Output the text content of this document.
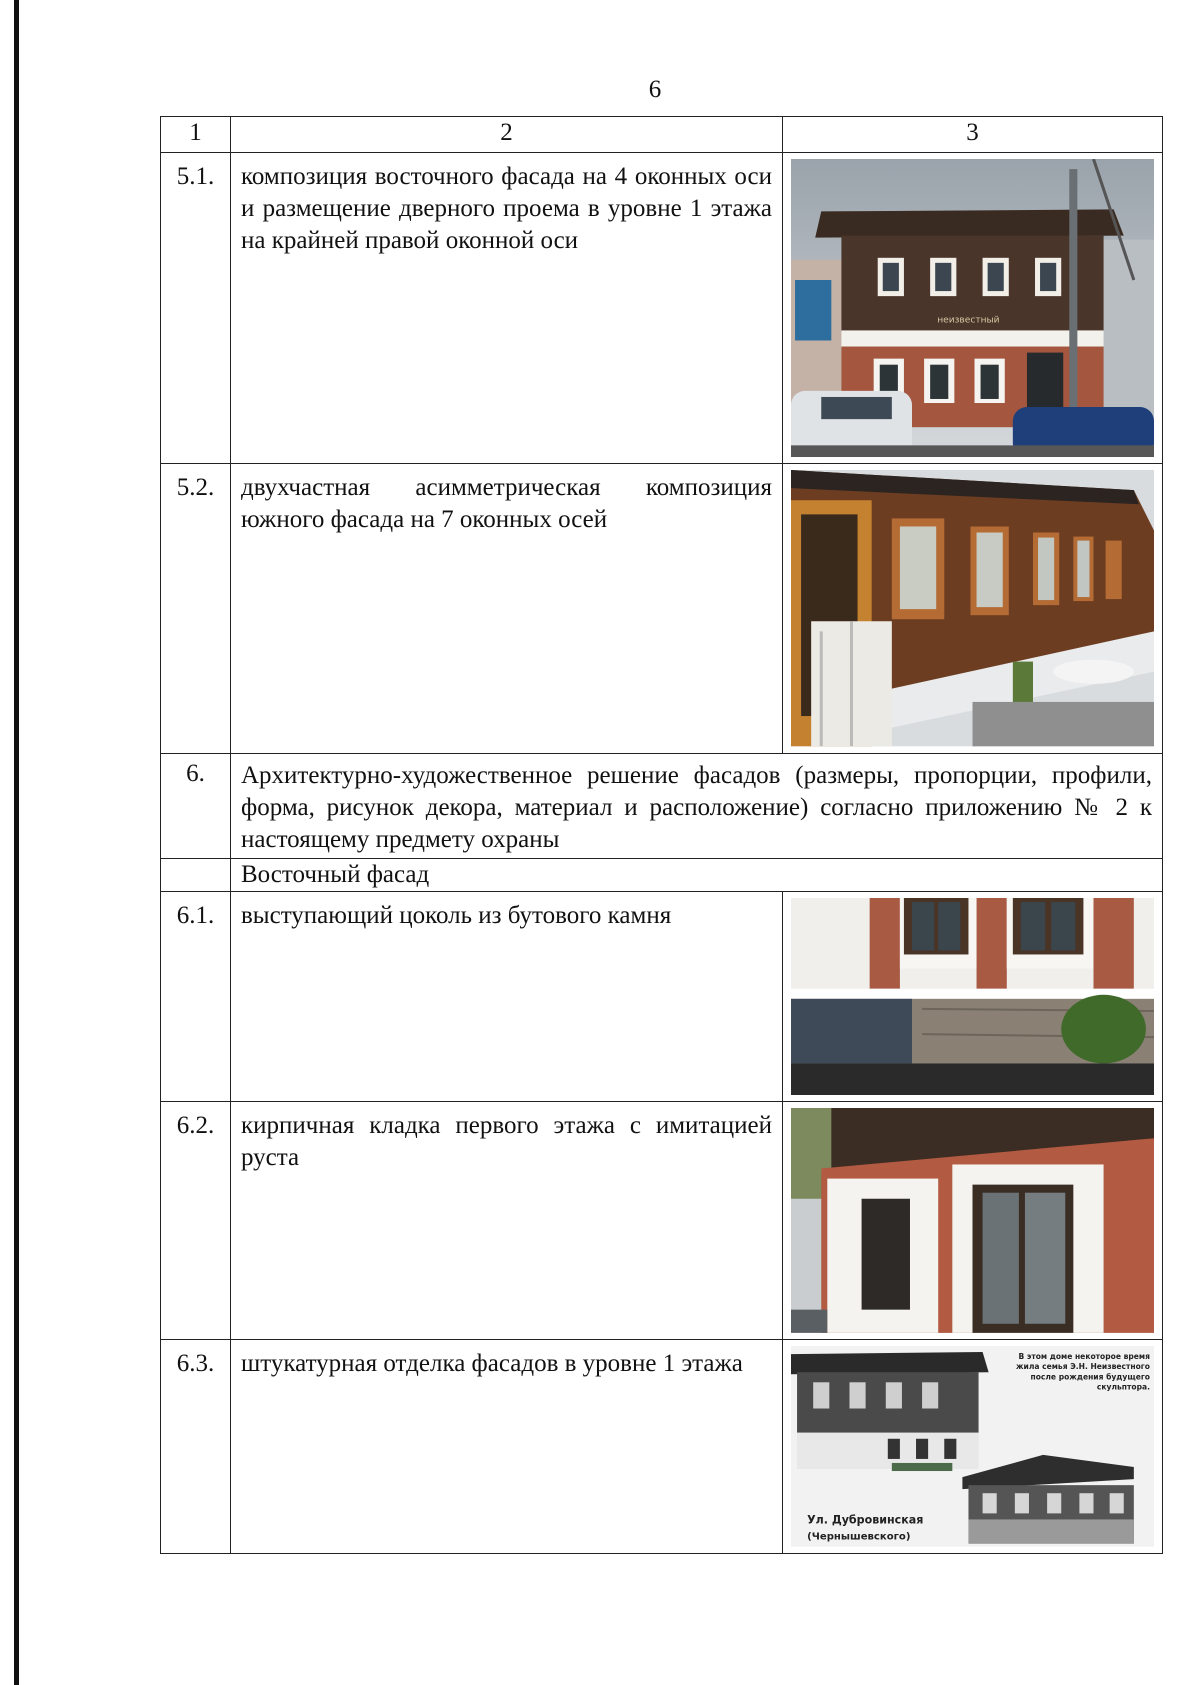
6
1	2	3
5.1.	композиция восточного фасада на 4 оконных оси и размещение дверного проема в уровне 1 этажа на крайней правой оконной оси	неизвестный

5.2.	двухчастная асимметрическая композиция южного фасада на 7 оконных осей	

6.	Архитектурно-художественное решение фасадов (размеры, пропорции, профили, форма, рисунок декора, материал и расположение) согласно приложению № 2 к настоящему предмету охраны	
	Восточный фасад	
6.1.	выступающий цоколь из бутового камня	

6.2.	кирпичная кладка первого этажа с имитацией руста	

6.3.	штукатурная отделка фасадов в уровне 1 этажа	В этом доме некоторое время жила семья Э.Н. Неизвестного после рождения будущего скульптора.
Ул. Дубровинская
(Чернышевского)
